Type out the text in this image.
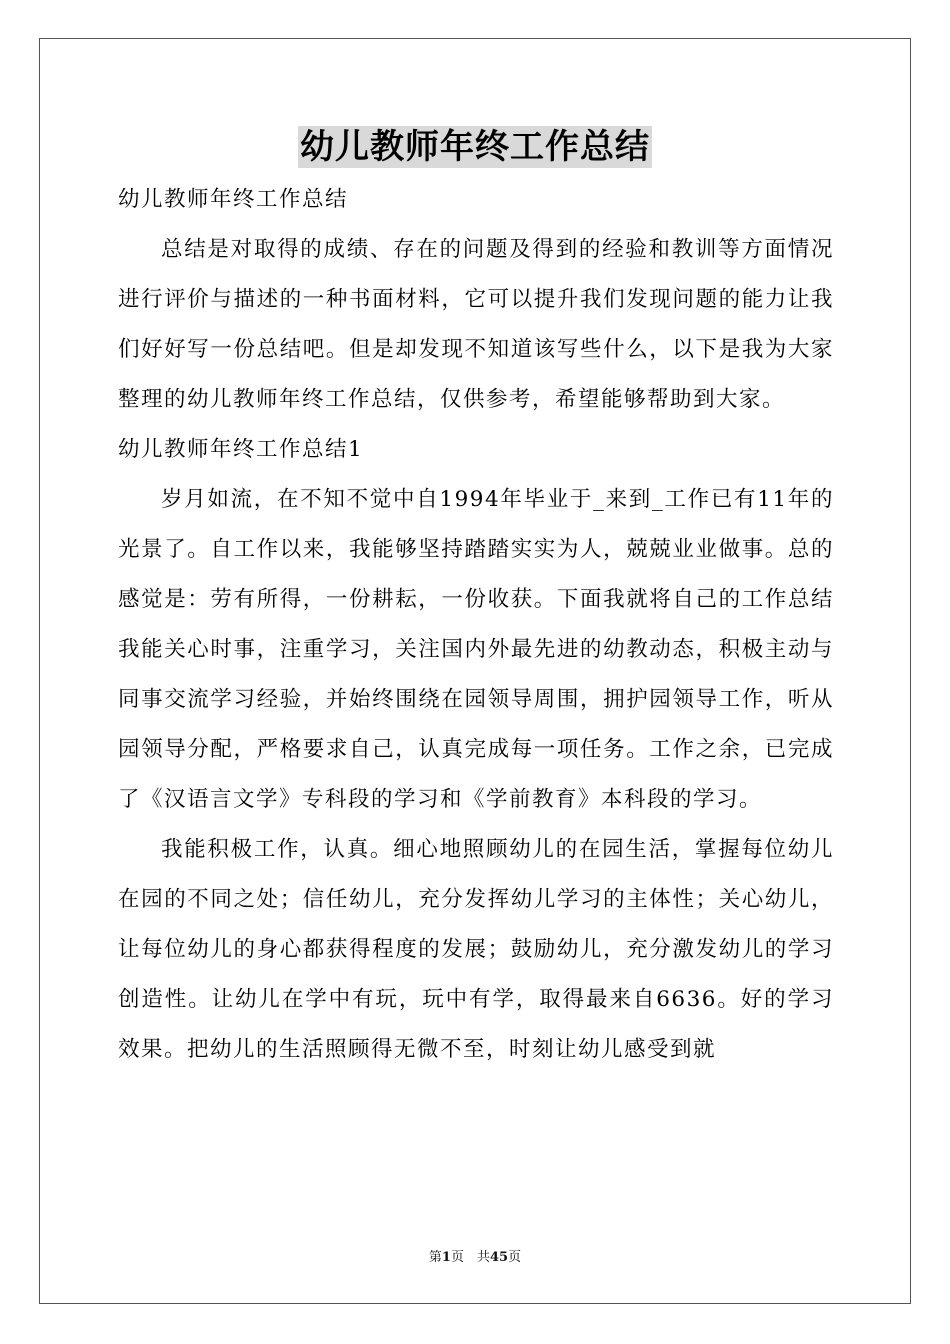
幼儿教师年终工作总结

幼儿教师年终工作总结

总结是对取得的成绩、存在的问题及得到的经验和教训等方面情况进行评价与描述的一种书面材料，它可以提升我们发现问题的能力让我们好好写一份总结吧。但是却发现不知道该写些什么，以下是我为大家整理的幼儿教师年终工作总结，仅供参考，希望能够帮助到大家。

幼儿教师年终工作总结1

岁月如流，在不知不觉中自1994年毕业于_来到_工作已有11年的光景了。自工作以来，我能够坚持踏踏实实为人，兢兢业业做事。总的感觉是：劳有所得，一份耕耘，一份收获。下面我就将自己的工作总结我能关心时事，注重学习，关注国内外最先进的幼教动态，积极主动与同事交流学习经验，并始终围绕在园领导周围，拥护园领导工作，听从园领导分配，严格要求自己，认真完成每一项任务。工作之余，已完成了《汉语言文学》专科段的学习和《学前教育》本科段的学习。

我能积极工作，认真。细心地照顾幼儿的在园生活，掌握每位幼儿在园的不同之处；信任幼儿，充分发挥幼儿学习的主体性；关心幼儿，让每位幼儿的身心都获得程度的发展；鼓励幼儿，充分激发幼儿的学习创造性。让幼儿在学中有玩，玩中有学，取得最来自6636。好的学习效果。把幼儿的生活照顾得无微不至，时刻让幼儿感受到就

第1页　共45页
